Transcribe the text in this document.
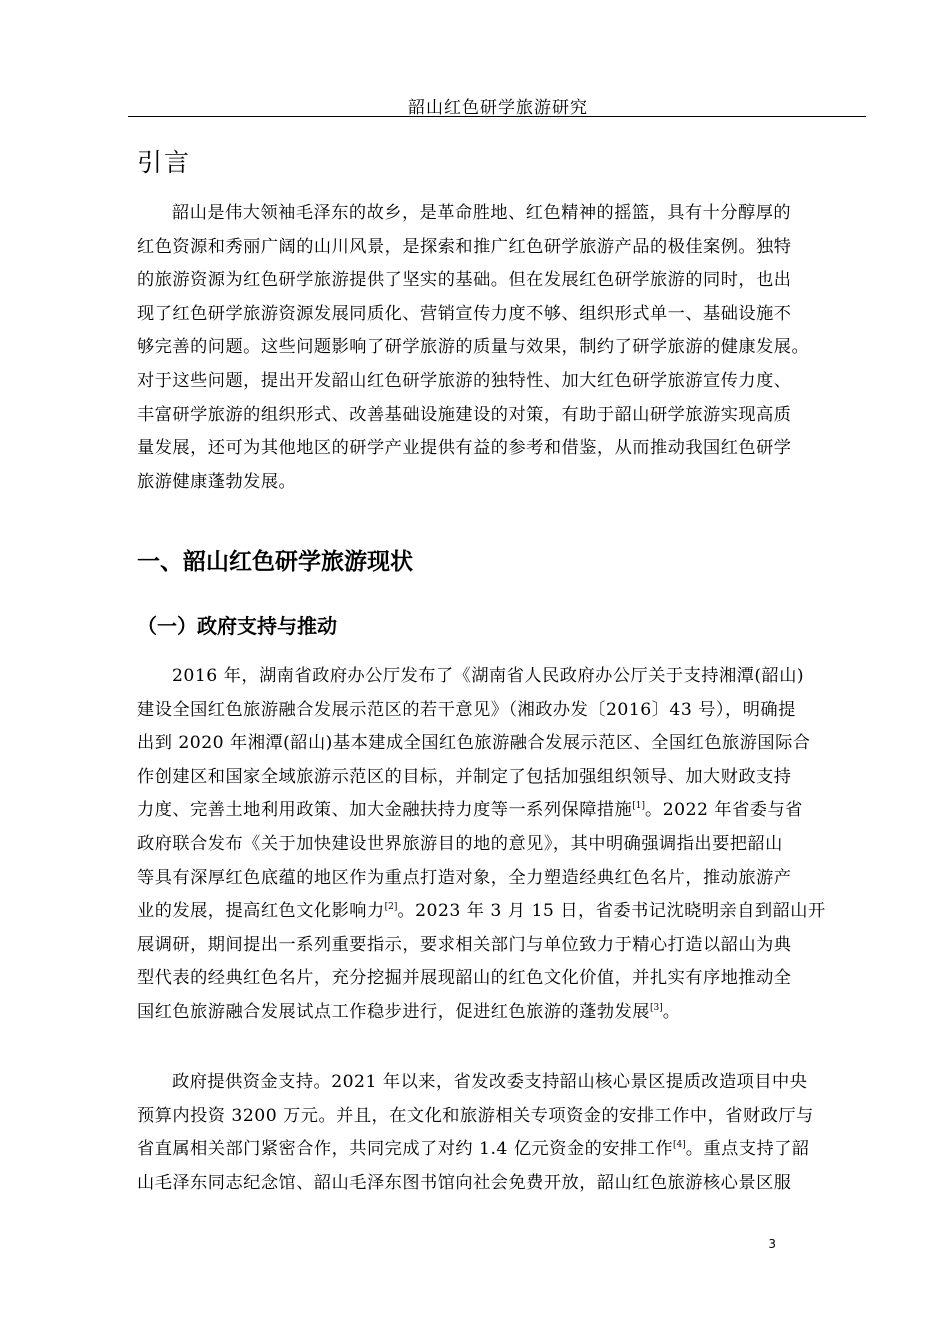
韶山红色研学旅游研究
引言
韶山是伟大领袖毛泽东的故乡，是革命胜地、红色精神的摇篮，具有十分醇厚的
红色资源和秀丽广阔的山川风景，是探索和推广红色研学旅游产品的极佳案例。独特
的旅游资源为红色研学旅游提供了坚实的基础。但在发展红色研学旅游的同时，也出
现了红色研学旅游资源发展同质化、营销宣传力度不够、组织形式单一、基础设施不
够完善的问题。这些问题影响了研学旅游的质量与效果，制约了研学旅游的健康发展。
对于这些问题，提出开发韶山红色研学旅游的独特性、加大红色研学旅游宣传力度、
丰富研学旅游的组织形式、改善基础设施建设的对策，有助于韶山研学旅游实现高质
量发展，还可为其他地区的研学产业提供有益的参考和借鉴，从而推动我国红色研学
旅游健康蓬勃发展。
一、韶山红色研学旅游现状
（一）政府支持与推动
2016 年，湖南省政府办公厅发布了《湖南省人民政府办公厅关于支持湘潭(韶山)
建设全国红色旅游融合发展示范区的若干意见》（湘政办发〔2016〕43 号），明确提
出到 2020 年湘潭(韶山)基本建成全国红色旅游融合发展示范区、全国红色旅游国际合
作创建区和国家全域旅游示范区的目标，并制定了包括加强组织领导、加大财政支持
力度、完善土地利用政策、加大金融扶持力度等一系列保障措施[1]。2022 年省委与省
政府联合发布《关于加快建设世界旅游目的地的意见》，其中明确强调指出要把韶山
等具有深厚红色底蕴的地区作为重点打造对象，全力塑造经典红色名片，推动旅游产
业的发展，提高红色文化影响力[2]。2023 年 3 月 15 日，省委书记沈晓明亲自到韶山开
展调研，期间提出一系列重要指示，要求相关部门与单位致力于精心打造以韶山为典
型代表的经典红色名片，充分挖掘并展现韶山的红色文化价值，并扎实有序地推动全
国红色旅游融合发展试点工作稳步进行，促进红色旅游的蓬勃发展[3]。
政府提供资金支持。2021 年以来，省发改委支持韶山核心景区提质改造项目中央
预算内投资 3200 万元。并且，在文化和旅游相关专项资金的安排工作中，省财政厅与
省直属相关部门紧密合作，共同完成了对约 1.4 亿元资金的安排工作[4]。重点支持了韶
山毛泽东同志纪念馆、韶山毛泽东图书馆向社会免费开放，韶山红色旅游核心景区服
3
